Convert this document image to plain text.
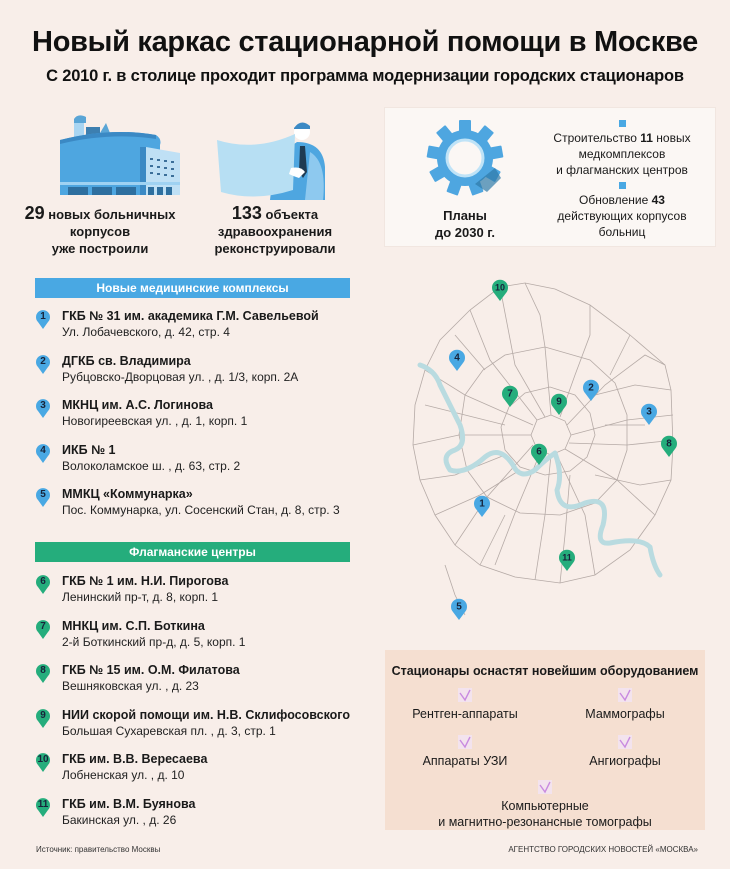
Новый каркас стационарной помощи в Москве
С 2010 г. в столице проходит программа модернизации городских стационаров
29 новых больничных
корпусов
уже построили
133 объекта
здравоохранения
реконструировали
Планы
до 2030 г.
Строительство 11 новых
медкомплексов
и флагманских центров
Обновление 43
действующих корпусов
больниц
Новые медицинские комплексы
Флагманские центры
1	ГКБ № 31 им. академика Г.М. Савельевой
Ул. Лобачевского, д. 42, стр. 4
2	ДГКБ св. Владимира
Рубцовско-Дворцовая ул. , д. 1/3, корп. 2А
3	МКНЦ им. А.С. Логинова
Новогиреевская ул. , д. 1, корп. 1
4	ИКБ № 1
Волоколамское ш. , д. 63, стр. 2
5	ММКЦ «Коммунарка»
Пос. Коммунарка, ул. Сосенский Стан, д. 8, стр. 3
6	ГКБ № 1 им. Н.И. Пирогова
Ленинский пр-т, д. 8, корп. 1
7	МНКЦ им. С.П. Боткина
2-й Боткинский пр-д, д. 5, корп. 1
8	ГКБ № 15 им. О.М. Филатова
Вешняковская ул. , д. 23
9	НИИ скорой помощи им. Н.В. Склифосовского
Большая Сухаревская пл. , д. 3, стр. 1
10 ГКБ им. В.В. Вересаева
Лобненская ул. , д. 10
11 ГКБ им. В.М. Буянова
Бакинская ул. , д. 26
1
2
3
4
5
6
7
8
9
10
11
Стационары оснастят новейшим оборудованием
Рентген-аппараты	Маммографы
Аппараты УЗИ	Ангиографы
Компьютерные
и магнитно-резонансные томографы
Источник: правительство Москвы	АГЕНТСТВО ГОРОДСКИХ НОВОСТЕЙ «МОСКВА»
